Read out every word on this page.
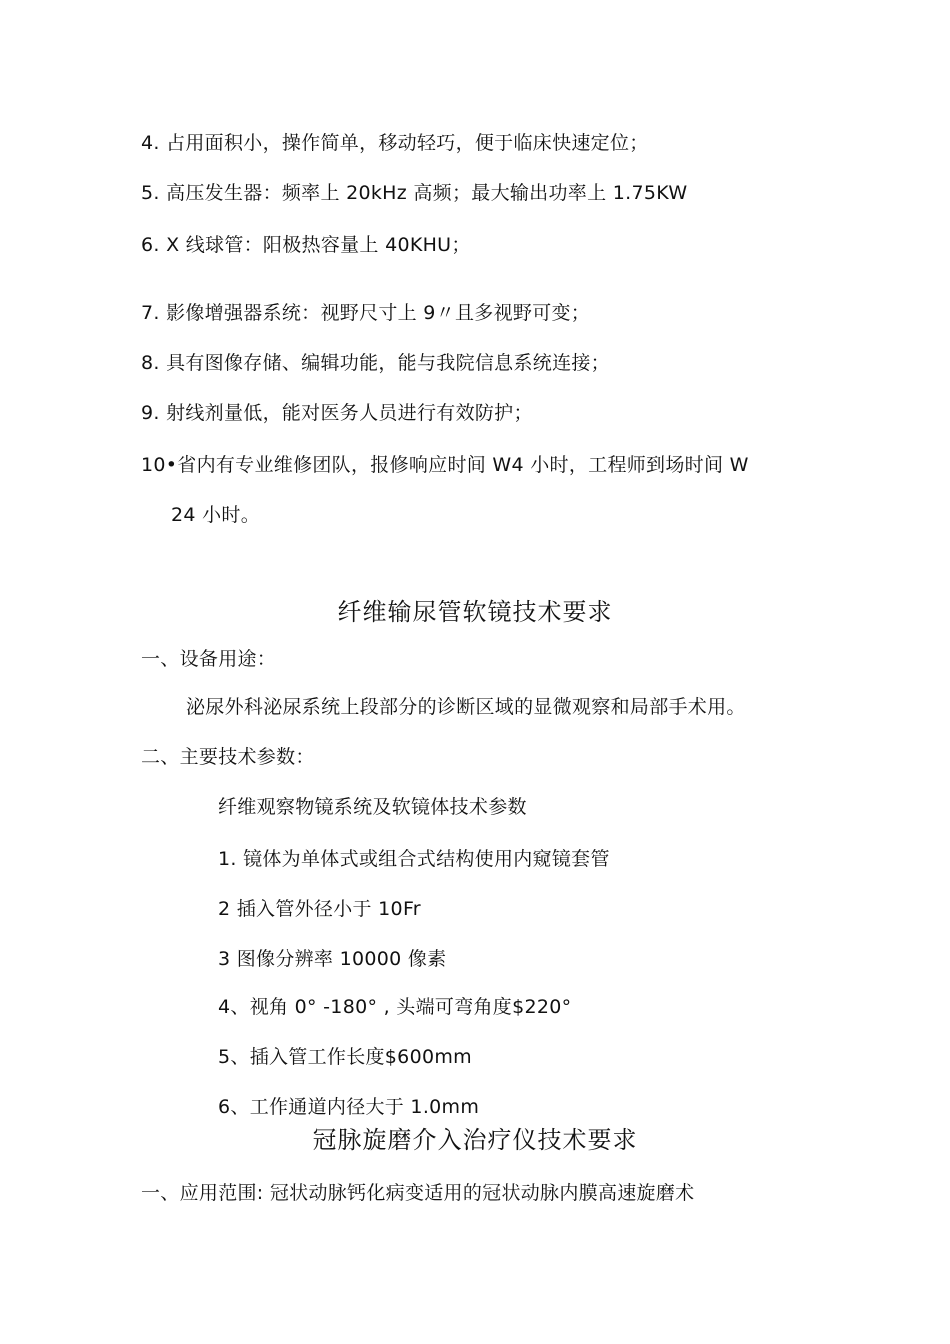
4. 占用面积小，操作简单，移动轻巧，便于临床快速定位；
5. 高压发生器：频率上 20kHz 高频；最大输出功率上 1.75KW
6. X 线球管：阳极热容量上 40KHU；
7. 影像增强器系统：视野尺寸上 9〃且多视野可变；
8. 具有图像存储、编辑功能，能与我院信息系统连接；
9. 射线剂量低，能对医务人员进行有效防护；
10•省内有专业维修团队，报修响应时间 W4 小时，工程师到场时间 W
24 小时。
纤维输尿管软镜技术要求
一、设备用途：
泌尿外科泌尿系统上段部分的诊断区域的显微观察和局部手术用。
二、主要技术参数：
纤维观察物镜系统及软镜体技术参数
1. 镜体为单体式或组合式结构使用内窥镜套管
2 插入管外径小于 10Fr
3 图像分辨率 10000 像素
4、视角 0° -180° , 头端可弯角度$220°
5、插入管工作长度$600mm
6、工作通道内径大于 1.0mm
冠脉旋磨介入治疗仪技术要求
一、应用范围: 冠状动脉钙化病变适用的冠状动脉内膜高速旋磨术
